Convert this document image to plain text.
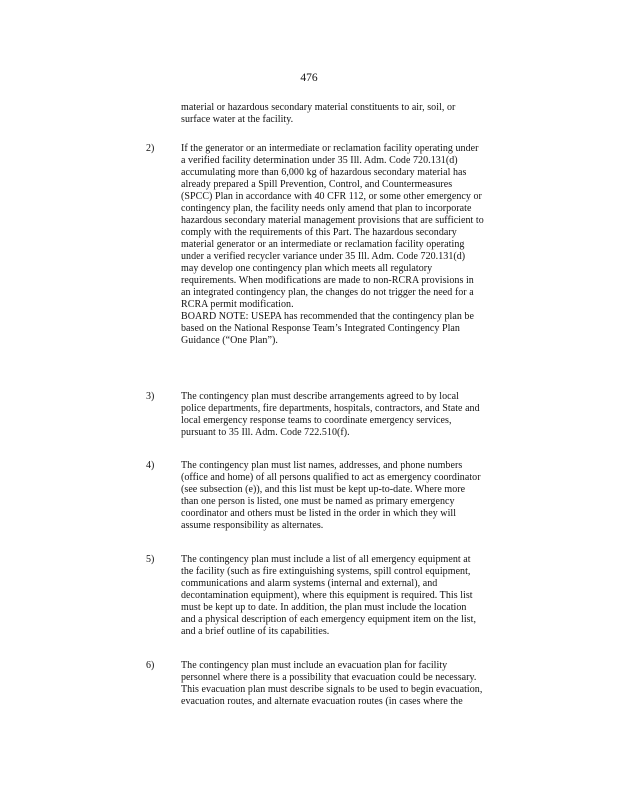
476
material or hazardous secondary material constituents to air, soil, or
surface water at the facility.
2)	If the generator or an intermediate or reclamation facility operating under
a verified facility determination under 35 Ill. Adm. Code 720.131(d)
accumulating more than 6,000 kg of hazardous secondary material has
already prepared a Spill Prevention, Control, and Countermeasures
(SPCC) Plan in accordance with 40 CFR 112, or some other emergency or
contingency plan, the facility needs only amend that plan to incorporate
hazardous secondary material management provisions that are sufficient to
comply with the requirements of this Part. The hazardous secondary
material generator or an intermediate or reclamation facility operating
under a verified recycler variance under 35 Ill. Adm. Code 720.131(d)
may develop one contingency plan which meets all regulatory
requirements. When modifications are made to non-RCRA provisions in
an integrated contingency plan, the changes do not trigger the need for a
RCRA permit modification.
BOARD NOTE: USEPA has recommended that the contingency plan be
based on the National Response Team’s Integrated Contingency Plan
Guidance (“One Plan”).
3)	The contingency plan must describe arrangements agreed to by local
police departments, fire departments, hospitals, contractors, and State and
local emergency response teams to coordinate emergency services,
pursuant to 35 Ill. Adm. Code 722.510(f).
4)	The contingency plan must list names, addresses, and phone numbers
(office and home) of all persons qualified to act as emergency coordinator
(see subsection (e)), and this list must be kept up-to-date. Where more
than one person is listed, one must be named as primary emergency
coordinator and others must be listed in the order in which they will
assume responsibility as alternates.
5)	The contingency plan must include a list of all emergency equipment at
the facility (such as fire extinguishing systems, spill control equipment,
communications and alarm systems (internal and external), and
decontamination equipment), where this equipment is required. This list
must be kept up to date. In addition, the plan must include the location
and a physical description of each emergency equipment item on the list,
and a brief outline of its capabilities.
6)	The contingency plan must include an evacuation plan for facility
personnel where there is a possibility that evacuation could be necessary.
This evacuation plan must describe signals to be used to begin evacuation,
evacuation routes, and alternate evacuation routes (in cases where the
